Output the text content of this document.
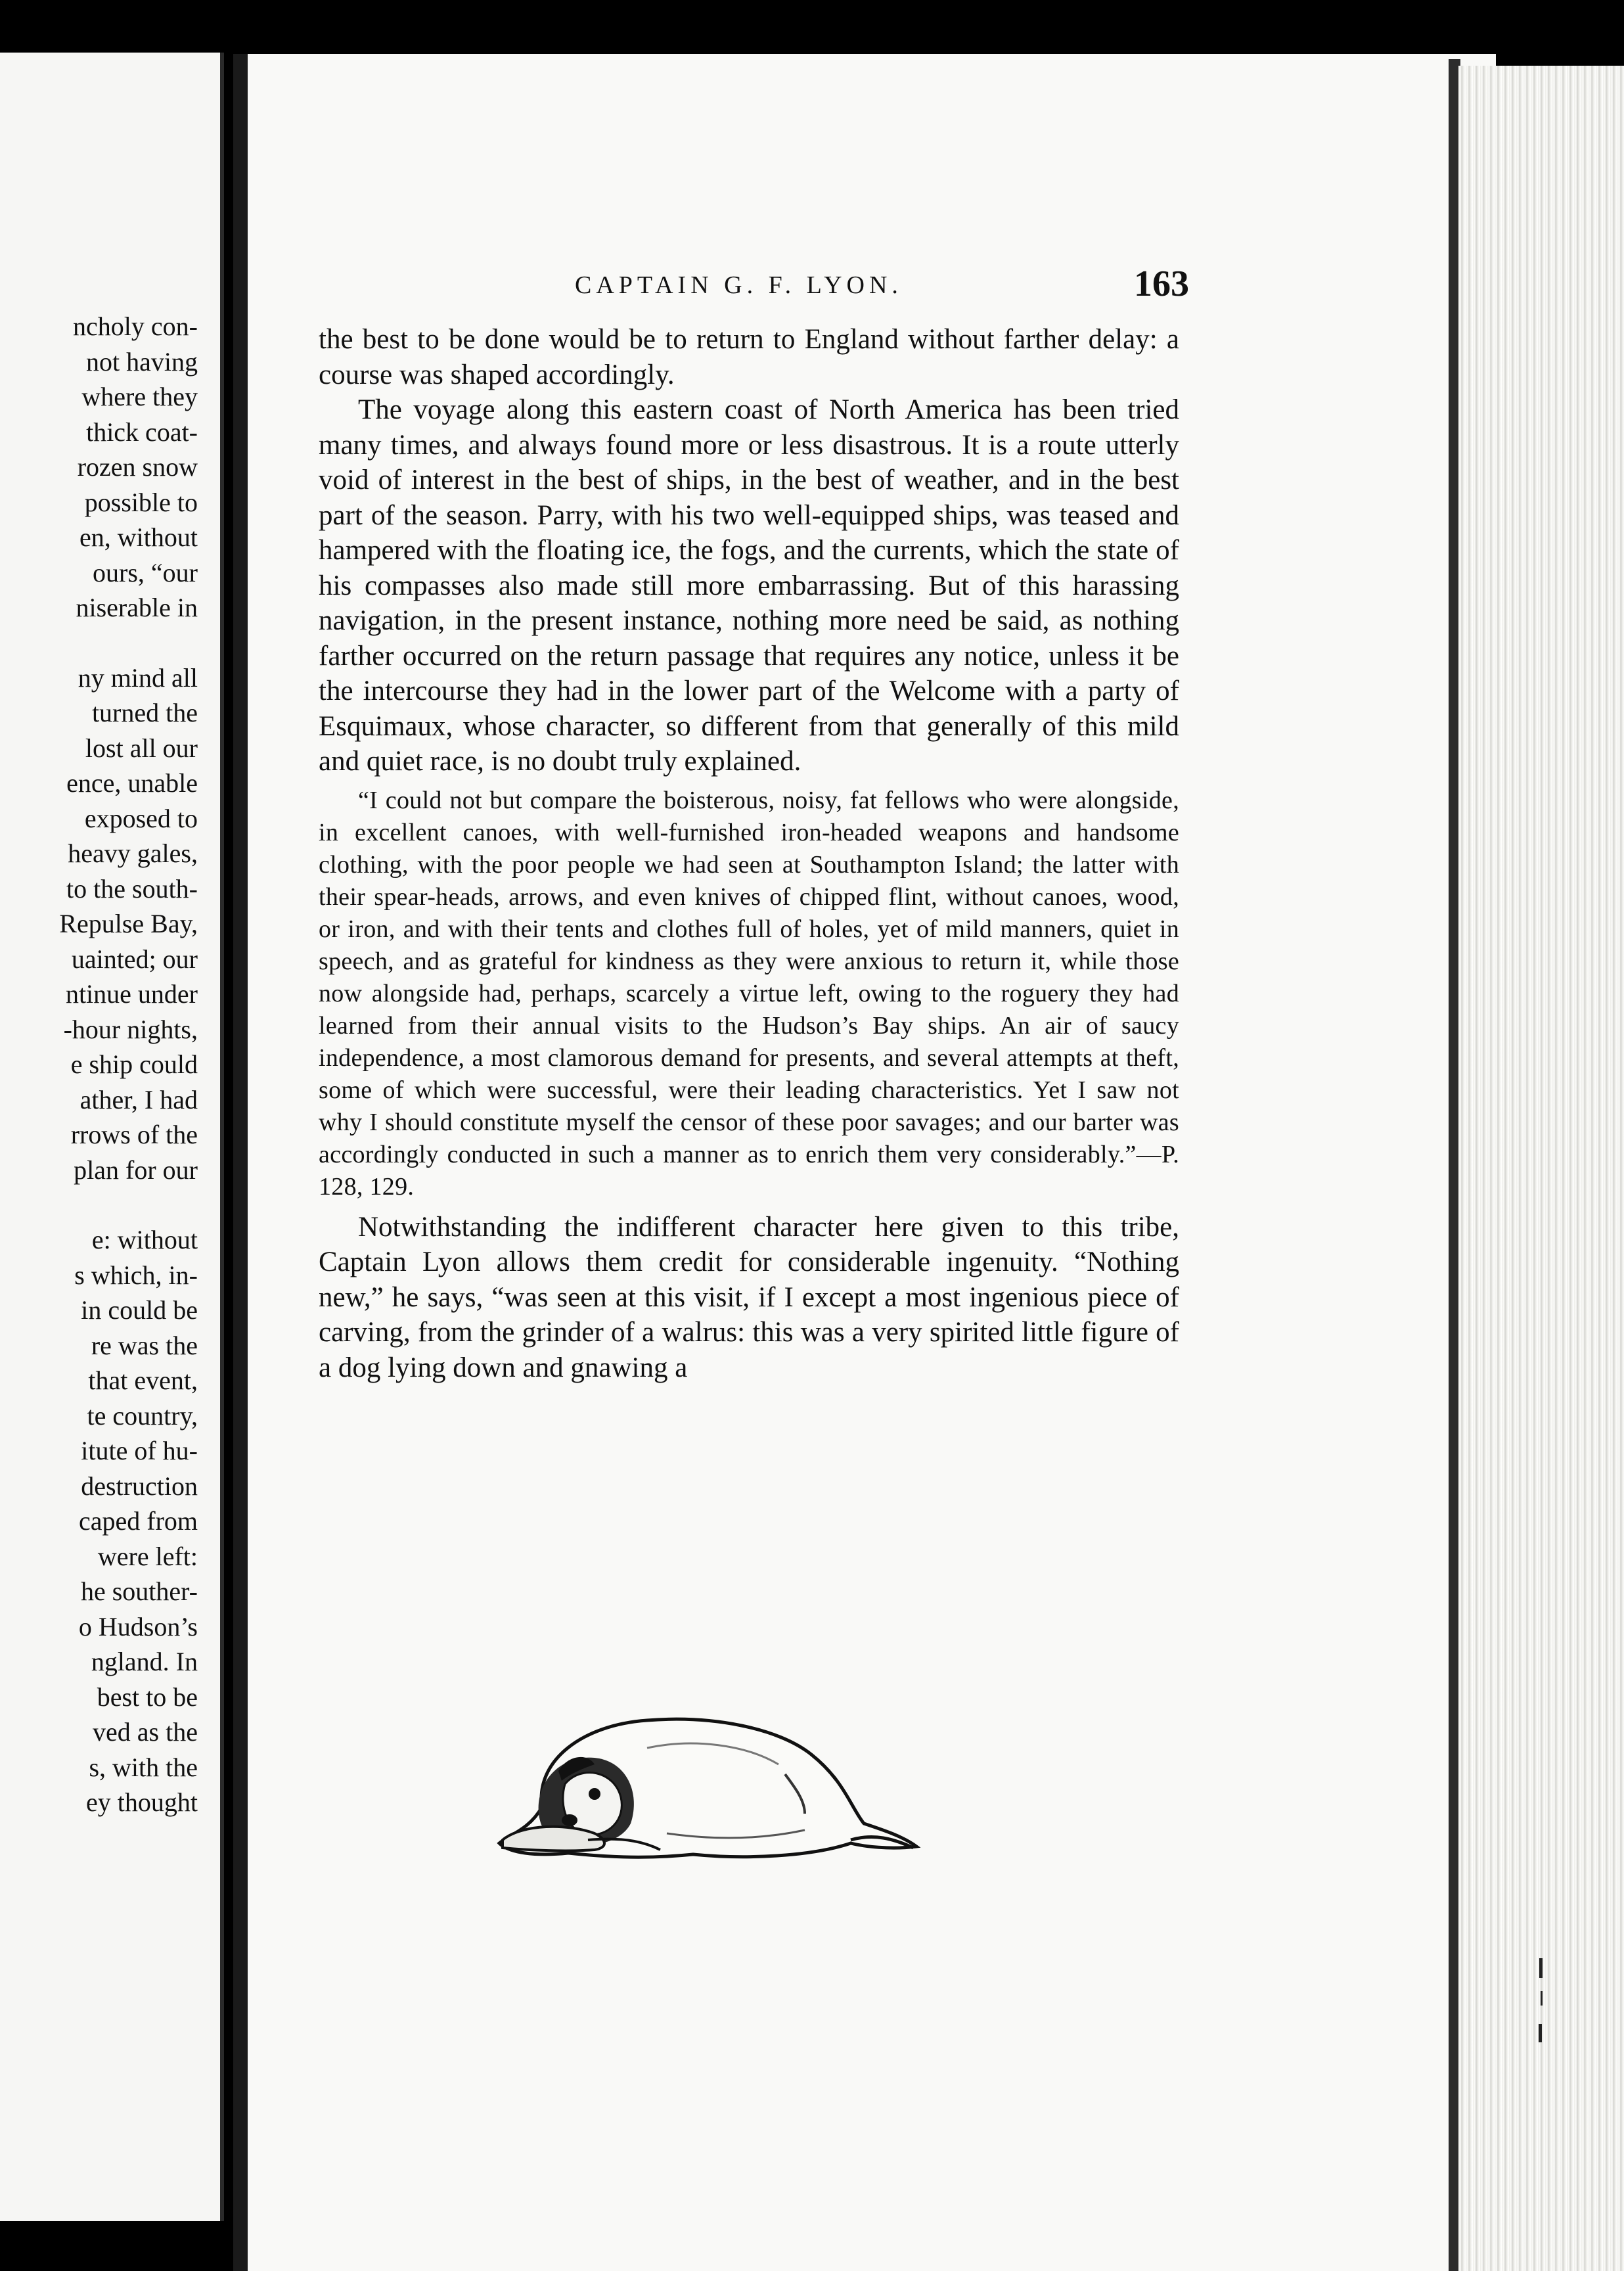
ncholy con-
not having
where they
thick coat-
rozen snow
possible to
en, without
ours, “our
niserable in
ny mind all
turned the
lost all our
ence, unable
exposed to
heavy gales,
to the south-
Repulse Bay,
uainted; our
ntinue under
-hour nights,
e ship could
ather, I had
rrows of the
plan for our
e: without
s which, in-
in could be
re was the
that event,
te country,
itute of hu-
destruction
caped from
were left:
he souther-
o Hudson’s
ngland. In
best to be
ved as the
s, with the
ey thought
CAPTAIN G. F. LYON.	163

the best to be done would be to return to England without farther delay: a course was shaped accordingly.

The voyage along this eastern coast of North America has been tried many times, and always found more or less disastrous. It is a route utterly void of interest in the best of ships, in the best of weather, and in the best part of the season. Parry, with his two well-equipped ships, was teased and hampered with the floating ice, the fogs, and the currents, which the state of his compasses also made still more embarrassing. But of this harassing navigation, in the present instance, nothing more need be said, as nothing farther occurred on the return passage that requires any notice, unless it be the intercourse they had in the lower part of the Welcome with a party of Esquimaux, whose character, so different from that generally of this mild and quiet race, is no doubt truly explained.

“I could not but compare the boisterous, noisy, fat fellows who were alongside, in excellent canoes, with well-furnished iron-headed weapons and handsome clothing, with the poor people we had seen at Southampton Island; the latter with their spear-heads, arrows, and even knives of chipped flint, without canoes, wood, or iron, and with their tents and clothes full of holes, yet of mild manners, quiet in speech, and as grateful for kindness as they were anxious to return it, while those now alongside had, perhaps, scarcely a virtue left, owing to the roguery they had learned from their annual visits to the Hudson’s Bay ships. An air of saucy independence, a most clamorous demand for presents, and several attempts at theft, some of which were successful, were their leading characteristics. Yet I saw not why I should constitute myself the censor of these poor savages; and our barter was accordingly conducted in such a manner as to enrich them very considerably.”—P. 128, 129.

Notwithstanding the indifferent character here given to this tribe, Captain Lyon allows them credit for considerable ingenuity. “Nothing new,” he says, “was seen at this visit, if I except a most ingenious piece of carving, from the grinder of a walrus: this was a very spirited little figure of a dog lying down and gnawing a
